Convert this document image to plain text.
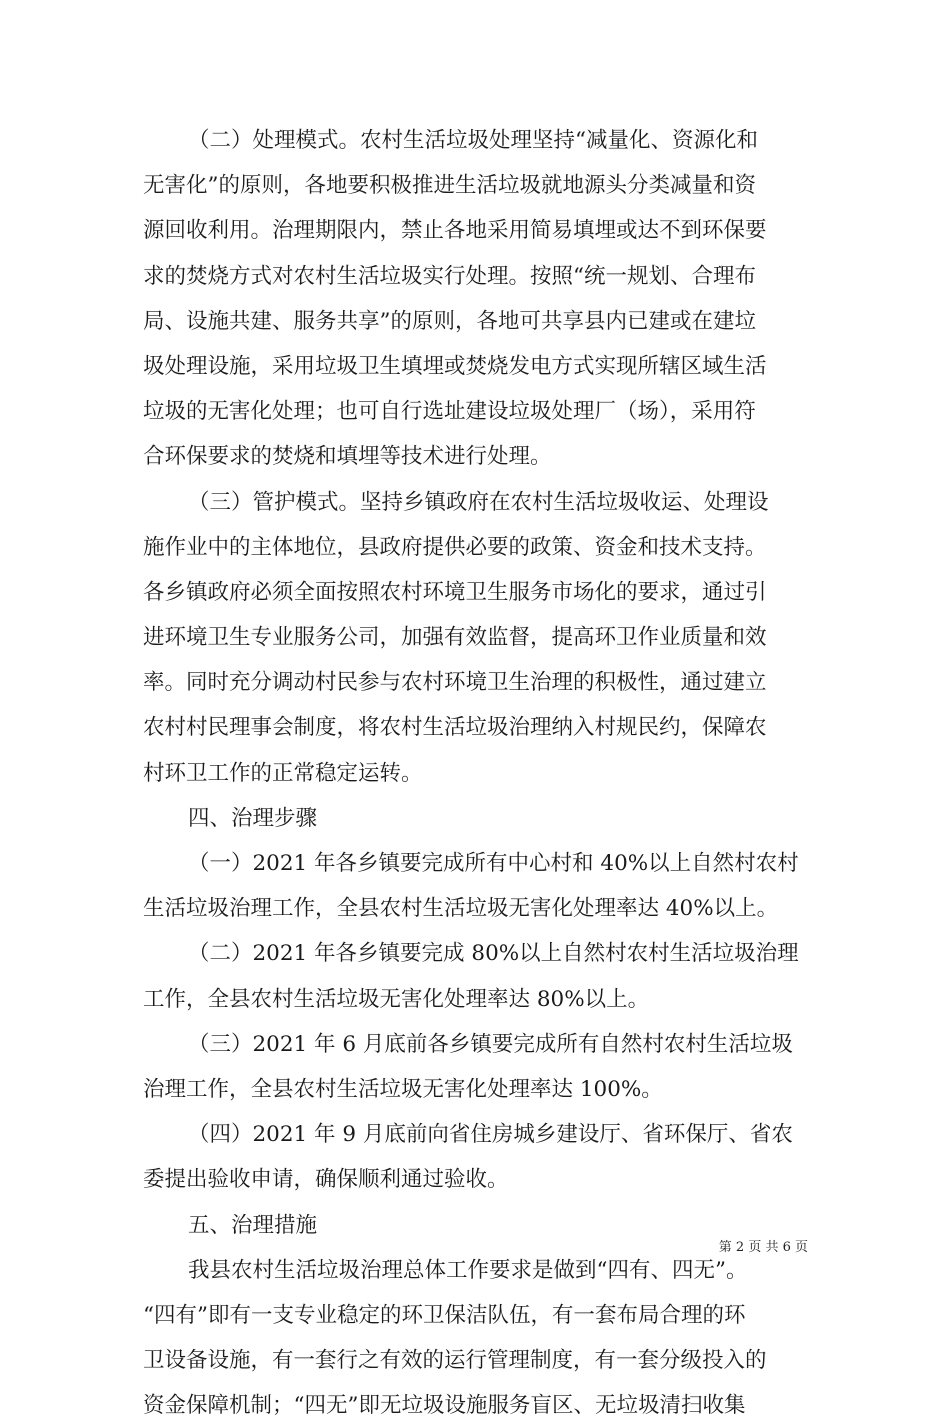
（二）处理模式。农村生活垃圾处理坚持“减量化、资源化和
无害化”的原则，各地要积极推进生活垃圾就地源头分类减量和资
源回收利用。治理期限内，禁止各地采用简易填埋或达不到环保要
求的焚烧方式对农村生活垃圾实行处理。按照“统一规划、合理布
局、设施共建、服务共享”的原则，各地可共享县内已建或在建垃
圾处理设施，采用垃圾卫生填埋或焚烧发电方式实现所辖区域生活
垃圾的无害化处理；也可自行选址建设垃圾处理厂（场），采用符
合环保要求的焚烧和填埋等技术进行处理。
（三）管护模式。坚持乡镇政府在农村生活垃圾收运、处理设
施作业中的主体地位，县政府提供必要的政策、资金和技术支持。
各乡镇政府必须全面按照农村环境卫生服务市场化的要求，通过引
进环境卫生专业服务公司，加强有效监督，提高环卫作业质量和效
率。同时充分调动村民参与农村环境卫生治理的积极性，通过建立
农村村民理事会制度，将农村生活垃圾治理纳入村规民约，保障农
村环卫工作的正常稳定运转。
四、治理步骤
（一）2021 年各乡镇要完成所有中心村和 40%以上自然村农村
生活垃圾治理工作，全县农村生活垃圾无害化处理率达 40%以上。
（二）2021 年各乡镇要完成 80%以上自然村农村生活垃圾治理
工作，全县农村生活垃圾无害化处理率达 80%以上。
（三）2021 年 6 月底前各乡镇要完成所有自然村农村生活垃圾
治理工作，全县农村生活垃圾无害化处理率达 100%。
（四）2021 年 9 月底前向省住房城乡建设厅、省环保厅、省农
委提出验收申请，确保顺利通过验收。
五、治理措施
我县农村生活垃圾治理总体工作要求是做到“四有、四无”。
“四有”即有一支专业稳定的环卫保洁队伍，有一套布局合理的环
卫设备设施，有一套行之有效的运行管理制度，有一套分级投入的
资金保障机制；“四无”即无垃圾设施服务盲区、无垃圾清扫收集
第 2 页 共 6 页
